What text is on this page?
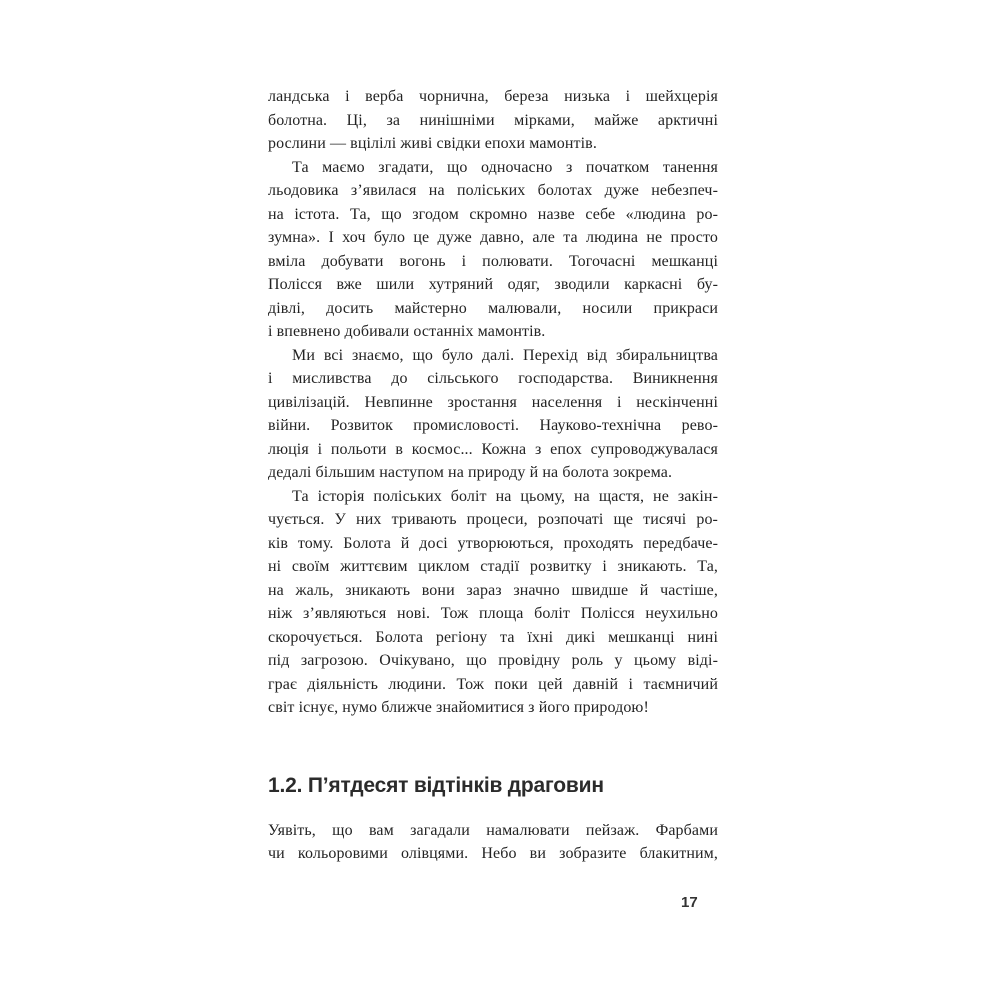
ландська і верба чорнична, береза низька і шейхцерія
болотна. Ці, за нинішніми мірками, майже арктичні
рослини — вцілілі живі свідки епохи мамонтів.
Та маємо згадати, що одночасно з початком танення
льодовика з’явилася на поліських болотах дуже небезпеч-
на істота. Та, що згодом скромно назве себе «людина ро-
зумна». І хоч було це дуже давно, але та людина не просто
вміла добувати вогонь і полювати. Тогочасні мешканці
Полісся вже шили хутряний одяг, зводили каркасні бу-
дівлі, досить майстерно малювали, носили прикраси
і впевнено добивали останніх мамонтів.
Ми всі знаємо, що було далі. Перехід від збиральництва
і мисливства до сільського господарства. Виникнення
цивілізацій. Невпинне зростання населення і нескінченні
війни. Розвиток промисловості. Науково-технічна рево-
люція і польоти в космос... Кожна з епох супроводжувалася
дедалі більшим наступом на природу й на болота зокрема.
Та історія поліських боліт на цьому, на щастя, не закін-
чується. У них тривають процеси, розпочаті ще тисячі ро-
ків тому. Болота й досі утворюються, проходять передбаче-
ні своїм життєвим циклом стадії розвитку і зникають. Та,
на жаль, зникають вони зараз значно швидше й частіше,
ніж з’являються нові. Тож площа боліт Полісся неухильно
скорочується. Болота регіону та їхні дикі мешканці нині
під загрозою. Очікувано, що провідну роль у цьому віді-
грає діяльність людини. Тож поки цей давній і таємничий
світ існує, нумо ближче знайомитися з його природою!
1.2. П’ятдесят відтінків драговин
Уявіть, що вам загадали намалювати пейзаж. Фарбами
чи кольоровими олівцями. Небо ви зобразите блакитним,
17
